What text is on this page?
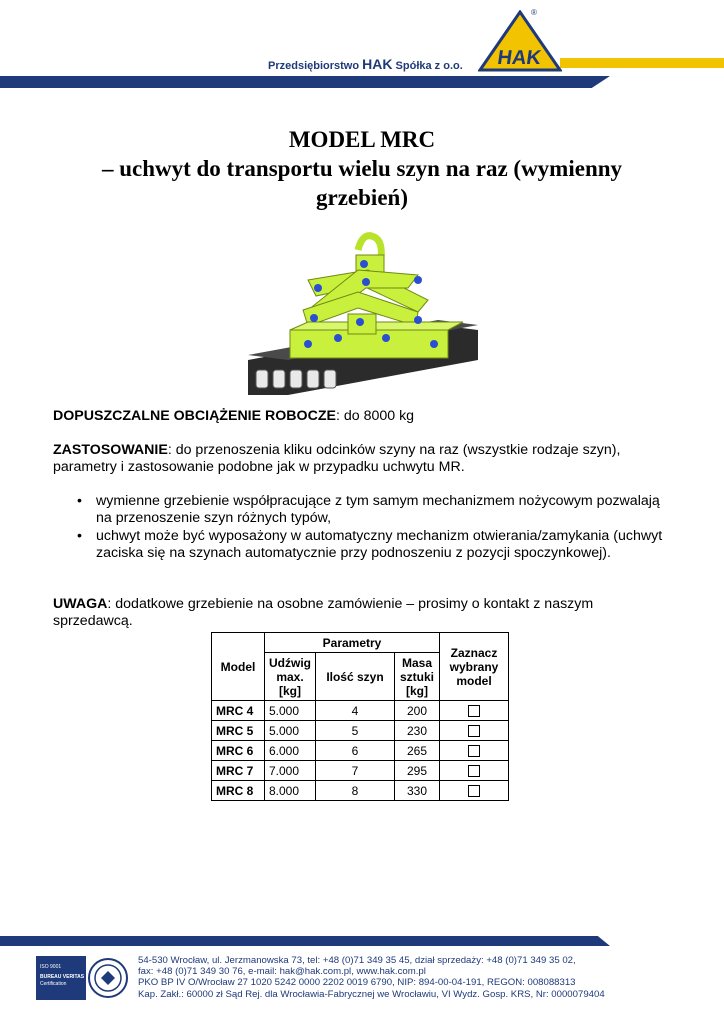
Przedsiębiorstwo HAK Spółka z o.o. HAK
®
MODEL MRC
– uchwyt do transportu wielu szyn na raz (wymienny grzebień)
DOPUSZCZALNE OBCIĄŻENIE ROBOCZE: do 8000 kg
ZASTOSOWANIE: do przenoszenia kliku odcinków szyny na raz (wszystkie rodzaje szyn), parametry i zastosowanie podobne jak w przypadku uchwytu MR.
• wymienne grzebienie współpracujące z tym samym mechanizmem nożycowym pozwalają na przenoszenie szyn różnych typów,
• uchwyt może być wyposażony w automatyczny mechanizm otwierania/zamykania (uchwyt zaciska się na szynach automatycznie przy podnoszeniu z pozycji spoczynkowej).
UWAGA: dodatkowe grzebienie na osobne zamówienie – prosimy o kontakt z naszym sprzedawcą.
Model	Parametry			Zaznacz wybrany model
	Udźwig max. [kg]	Ilość szyn	Masa sztuki [kg]	
MRC 4	5.000	4	200	
MRC 5	5.000	5	230	
MRC 6	6.000	6	265	
MRC 7	7.000	7	295	
MRC 8	8.000	8	330	
ISO 9001
BUREAU VERITAS
Certification
54-530 Wrocław, ul. Jerzmanowska 73, tel: +48 (0)71 349 35 45, dział sprzedaży: +48 (0)71 349 35 02,
fax: +48 (0)71 349 30 76, e-mail: hak@hak.com.pl, www.hak.com.pl
PKO BP IV O/Wrocław 27 1020 5242 0000 2202 0019 6790, NIP: 894-00-04-191, REGON: 008088313
Kap. Zakł.: 60000 zł Sąd Rej. dla Wrocławia-Fabrycznej we Wrocławiu, VI Wydz. Gosp. KRS, Nr: 0000079404
